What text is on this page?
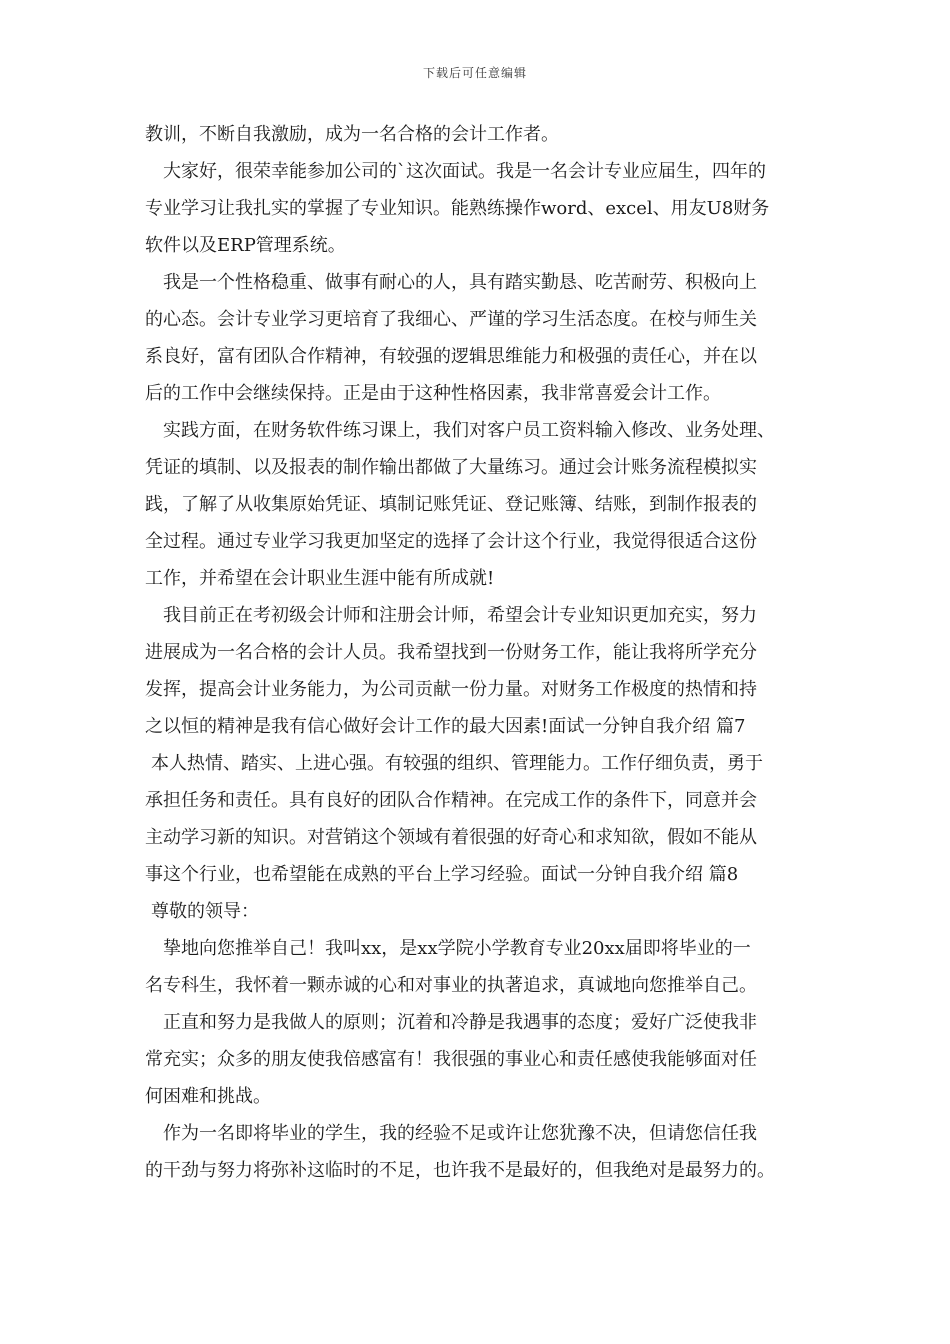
下载后可任意编辑
教训，不断自我激励，成为一名合格的会计工作者。
大家好，很荣幸能参加公司的`这次面试。我是一名会计专业应届生，四年的
专业学习让我扎实的掌握了专业知识。能熟练操作word、excel、用友U8财务
软件以及ERP管理系统。
我是一个性格稳重、做事有耐心的人，具有踏实勤恳、吃苦耐劳、积极向上
的心态。会计专业学习更培育了我细心、严谨的学习生活态度。在校与师生关
系良好，富有团队合作精神，有较强的逻辑思维能力和极强的责任心，并在以
后的工作中会继续保持。正是由于这种性格因素，我非常喜爱会计工作。
实践方面，在财务软件练习课上，我们对客户员工资料输入修改、业务处理、
凭证的填制、以及报表的制作输出都做了大量练习。通过会计账务流程模拟实
践，了解了从收集原始凭证、填制记账凭证、登记账簿、结账，到制作报表的
全过程。通过专业学习我更加坚定的选择了会计这个行业，我觉得很适合这份
工作，并希望在会计职业生涯中能有所成就!
我目前正在考初级会计师和注册会计师，希望会计专业知识更加充实，努力
进展成为一名合格的会计人员。我希望找到一份财务工作，能让我将所学充分
发挥，提高会计业务能力，为公司贡献一份力量。对财务工作极度的热情和持
之以恒的精神是我有信心做好会计工作的最大因素!面试一分钟自我介绍 篇7
本人热情、踏实、上进心强。有较强的组织、管理能力。工作仔细负责，勇于
承担任务和责任。具有良好的团队合作精神。在完成工作的条件下，同意并会
主动学习新的知识。对营销这个领域有着很强的好奇心和求知欲，假如不能从
事这个行业，也希望能在成熟的平台上学习经验。面试一分钟自我介绍 篇8
尊敬的领导：
挚地向您推举自己！我叫xx，是xx学院小学教育专业20xx届即将毕业的一
名专科生，我怀着一颗赤诚的心和对事业的执著追求，真诚地向您推举自己。
正直和努力是我做人的原则；沉着和冷静是我遇事的态度；爱好广泛使我非
常充实；众多的朋友使我倍感富有！我很强的事业心和责任感使我能够面对任
何困难和挑战。
作为一名即将毕业的学生，我的经验不足或许让您犹豫不决，但请您信任我
的干劲与努力将弥补这临时的不足，也许我不是最好的，但我绝对是最努力的。
